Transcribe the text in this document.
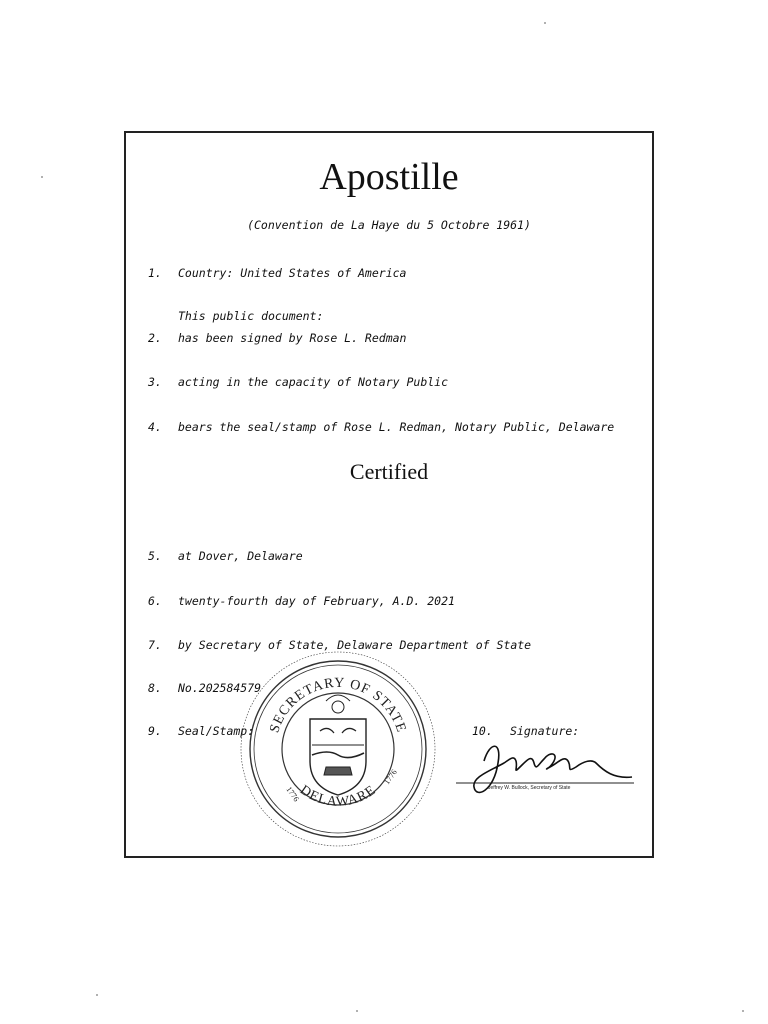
Apostille
(Convention de La Haye du 5 Octobre 1961)
1. Country: United States of America
This public document:
2. has been signed by Rose L. Redman
3. acting in the capacity of Notary Public
4. bears the seal/stamp of Rose L. Redman, Notary Public, Delaware
Certified
5. at Dover, Delaware
6. twenty-fourth day of February, A.D. 2021
7. by Secretary of State, Delaware Department of State
8. No.202584579
9. Seal/Stamp:	10. Signature:
SECRETARY OF STATE
DELAWARE
1776
1776
Jeffrey W. Bullock, Secretary of State
